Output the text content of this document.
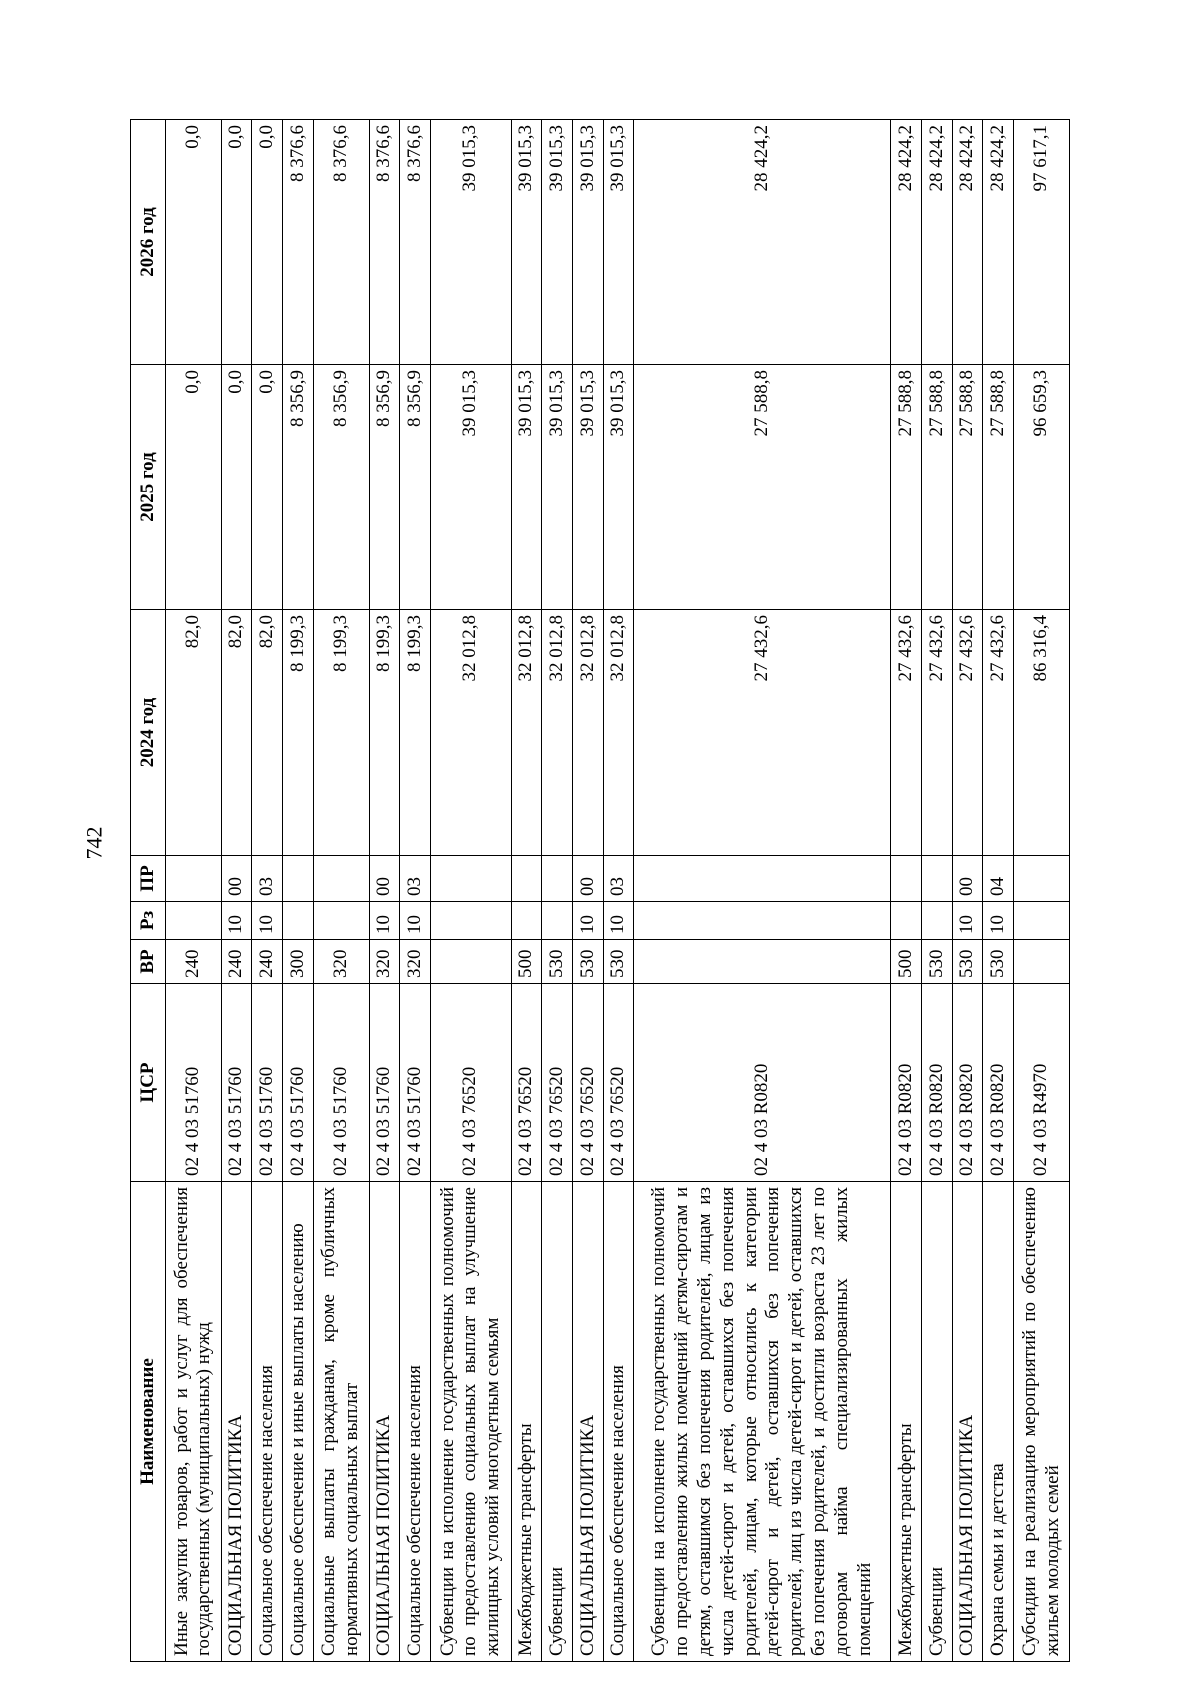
742
Наименование	ЦСР	ВР	Рз	ПР	2024 год	2025 год	2026 год
Иные закупки товаров, работ и услуг для обеспечения государственных (муниципальных) нужд	02 4 03 51760	240			82,0	0,0	0,0
СОЦИАЛЬНАЯ ПОЛИТИКА	02 4 03 51760	240	10	00	82,0	0,0	0,0
Социальное обеспечение населения	02 4 03 51760	240	10	03	82,0	0,0	0,0
Социальное обеспечение и иные выплаты населению	02 4 03 51760	300			8 199,3	8 356,9	8 376,6
Социальные выплаты гражданам, кроме публичных нормативных социальных выплат	02 4 03 51760	320			8 199,3	8 356,9	8 376,6
СОЦИАЛЬНАЯ ПОЛИТИКА	02 4 03 51760	320	10	00	8 199,3	8 356,9	8 376,6
Социальное обеспечение населения	02 4 03 51760	320	10	03	8 199,3	8 356,9	8 376,6
Субвенции на исполнение государственных полномочий по предоставлению социальных выплат на улучшение жилищных условий многодетным семьям	02 4 03 76520				32 012,8	39 015,3	39 015,3
Межбюджетные трансферты	02 4 03 76520	500			32 012,8	39 015,3	39 015,3
Субвенции	02 4 03 76520	530			32 012,8	39 015,3	39 015,3
СОЦИАЛЬНАЯ ПОЛИТИКА	02 4 03 76520	530	10	00	32 012,8	39 015,3	39 015,3
Социальное обеспечение населения	02 4 03 76520	530	10	03	32 012,8	39 015,3	39 015,3
Субвенции на исполнение государственных полномочий по предоставлению жилых помещений детям-сиротам и детям, оставшимся без попечения родителей, лицам из числа детей-сирот и детей, оставшихся без попечения родителей, лицам, которые относились к категории детей-сирот и детей, оставшихся без попечения родителей, лиц из числа детей-сирот и детей, оставшихся без попечения родителей, и достигли возраста 23 лет по договорам найма специализированных жилых помещений	02 4 03 R0820				27 432,6	27 588,8	28 424,2
Межбюджетные трансферты	02 4 03 R0820	500			27 432,6	27 588,8	28 424,2
Субвенции	02 4 03 R0820	530			27 432,6	27 588,8	28 424,2
СОЦИАЛЬНАЯ ПОЛИТИКА	02 4 03 R0820	530	10	00	27 432,6	27 588,8	28 424,2
Охрана семьи и детства	02 4 03 R0820	530	10	04	27 432,6	27 588,8	28 424,2
Субсидии на реализацию мероприятий по обеспечению жильем молодых семей	02 4 03 R4970				86 316,4	96 659,3	97 617,1
